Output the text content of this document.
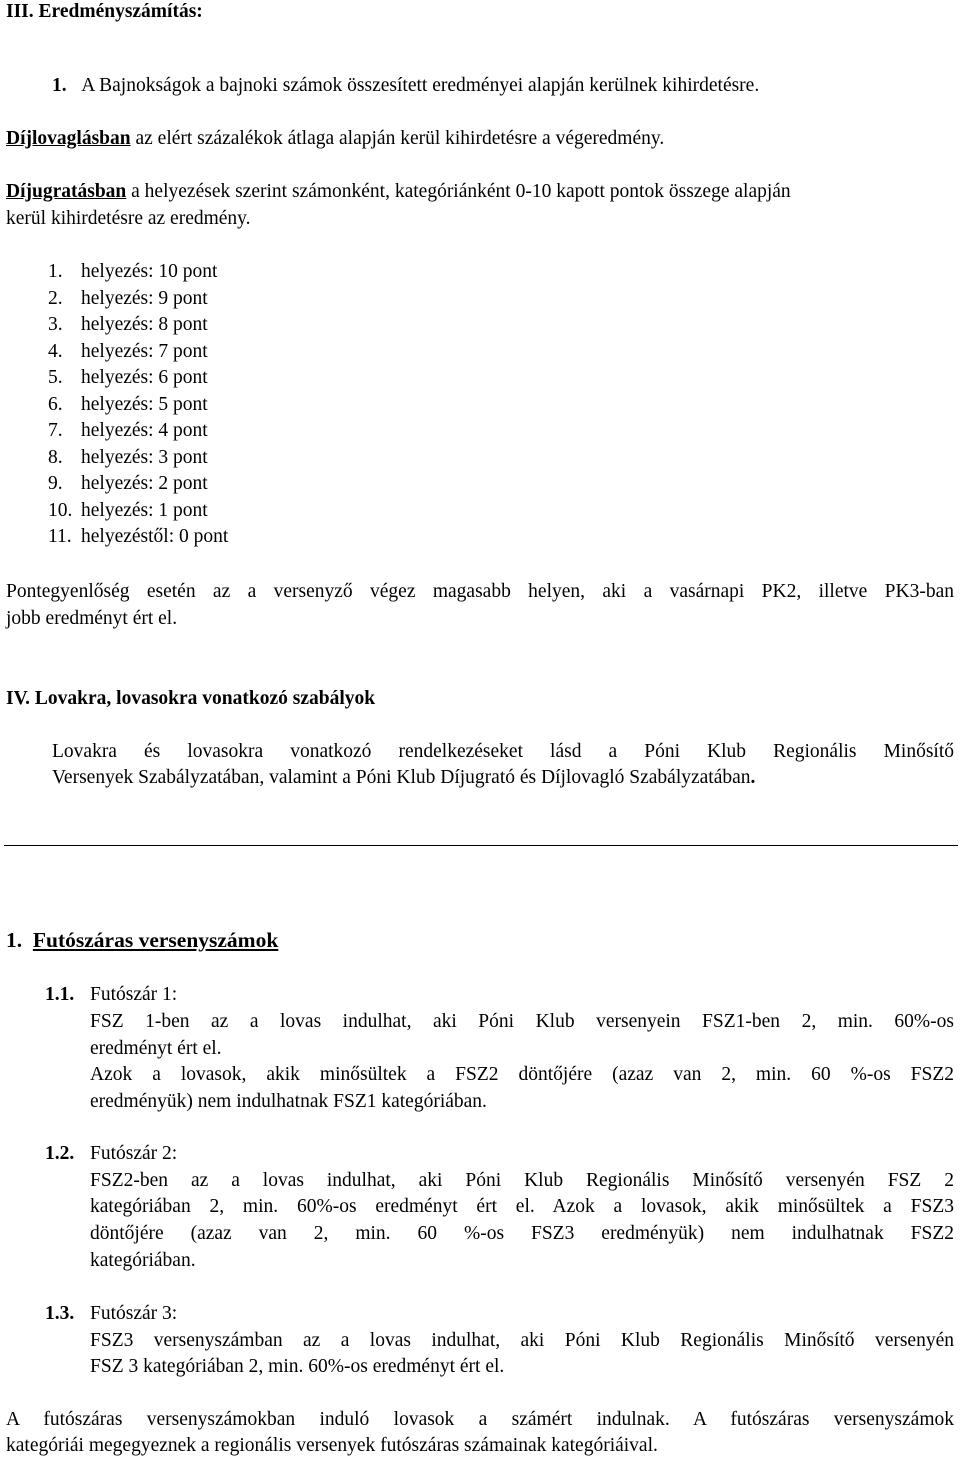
III. Eredményszámítás:
1. A Bajnokságok a bajnoki számok összesített eredményei alapján kerülnek kihirdetésre.
Díjlovaglásban az elért százalékok átlaga alapján kerül kihirdetésre a végeredmény.
Díjugratásban a helyezések szerint számonként, kategóriánként 0-10 kapott pontok összege alapján
kerül kihirdetésre az eredmény.
1. helyezés: 10 pont
2. helyezés: 9 pont
3. helyezés: 8 pont
4. helyezés: 7 pont
5. helyezés: 6 pont
6. helyezés: 5 pont
7. helyezés: 4 pont
8. helyezés: 3 pont
9. helyezés: 2 pont
10. helyezés: 1 pont
11. helyezéstől: 0 pont
Pontegyenlőség esetén az a versenyző végez magasabb helyen, aki a vasárnapi PK2, illetve PK3-ban
jobb eredményt ért el.
IV. Lovakra, lovasokra vonatkozó szabályok
Lovakra és lovasokra vonatkozó rendelkezéseket lásd a Póni Klub Regionális Minősítő
Versenyek Szabályzatában, valamint a Póni Klub Díjugrató és Díjlovagló Szabályzatában.
1. Futószáras versenyszámok
1.1. Futószár 1:
FSZ 1-ben az a lovas indulhat, aki Póni Klub versenyein FSZ1-ben 2, min. 60%-os
eredményt ért el.
Azok a lovasok, akik minősültek a FSZ2 döntőjére (azaz van 2, min. 60 %-os FSZ2
eredményük) nem indulhatnak FSZ1 kategóriában.
1.2. Futószár 2:
FSZ2-ben az a lovas indulhat, aki Póni Klub Regionális Minősítő versenyén FSZ 2
kategóriában 2, min. 60%-os eredményt ért el. Azok a lovasok, akik minősültek a FSZ3
döntőjére (azaz van 2, min. 60 %-os FSZ3 eredményük) nem indulhatnak FSZ2
kategóriában.
1.3. Futószár 3:
FSZ3 versenyszámban az a lovas indulhat, aki Póni Klub Regionális Minősítő versenyén
FSZ 3 kategóriában 2, min. 60%-os eredményt ért el.
A futószáras versenyszámokban induló lovasok a számért indulnak. A futószáras versenyszámok
kategóriái megegyeznek a regionális versenyek futószáras számainak kategóriáival.
